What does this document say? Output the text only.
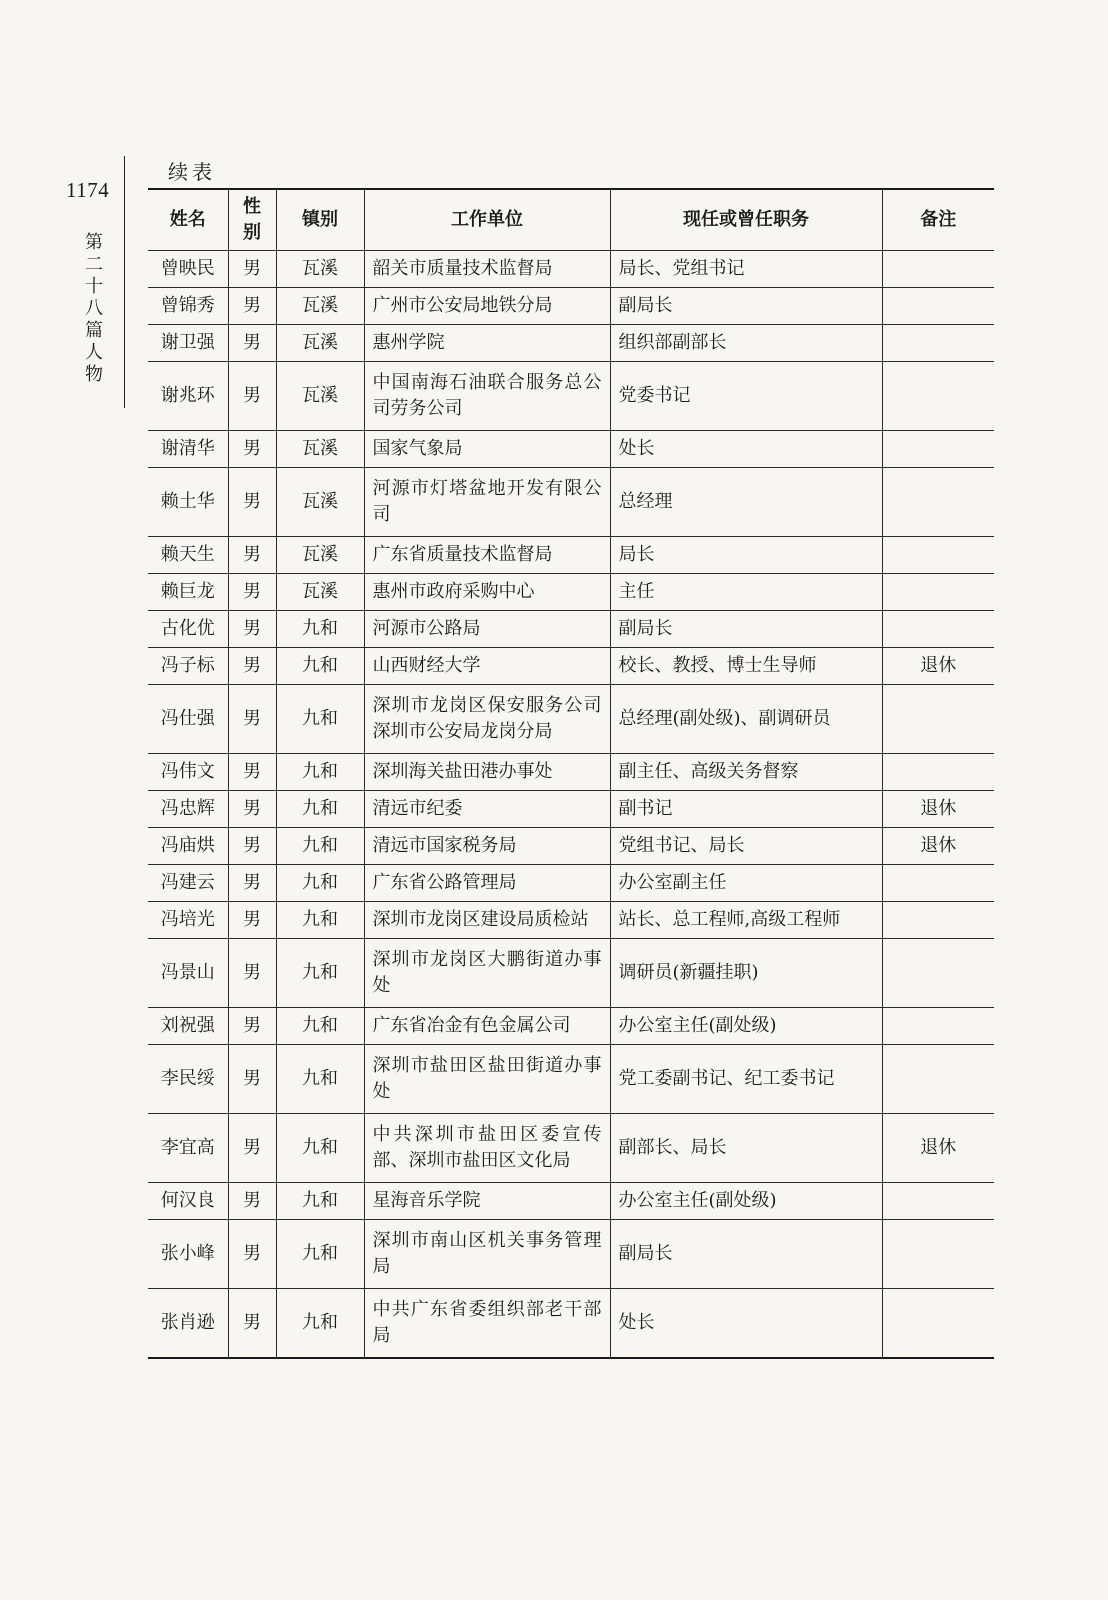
1174
第二十八篇 人物
续表
姓名	性别	镇别	工作单位	现任或曾任职务	备注
曾映民	男	瓦溪	韶关市质量技术监督局	局长、党组书记	
曾锦秀	男	瓦溪	广州市公安局地铁分局	副局长	
谢卫强	男	瓦溪	惠州学院	组织部副部长	
谢兆环	男	瓦溪	中国南海石油联合服务总公司劳务公司	党委书记	
谢清华	男	瓦溪	国家气象局	处长	
赖土华	男	瓦溪	河源市灯塔盆地开发有限公司	总经理	
赖天生	男	瓦溪	广东省质量技术监督局	局长	
赖巨龙	男	瓦溪	惠州市政府采购中心	主任	
古化优	男	九和	河源市公路局	副局长	
冯子标	男	九和	山西财经大学	校长、教授、博士生导师	退休
冯仕强	男	九和	深圳市龙岗区保安服务公司深圳市公安局龙岗分局	总经理(副处级)、副调研员	
冯伟文	男	九和	深圳海关盐田港办事处	副主任、高级关务督察	
冯忠辉	男	九和	清远市纪委	副书记	退休
冯庙烘	男	九和	清远市国家税务局	党组书记、局长	退休
冯建云	男	九和	广东省公路管理局	办公室副主任	
冯培光	男	九和	深圳市龙岗区建设局质检站	站长、总工程师,高级工程师	
冯景山	男	九和	深圳市龙岗区大鹏街道办事处	调研员(新疆挂职)	
刘祝强	男	九和	广东省冶金有色金属公司	办公室主任(副处级)	
李民绥	男	九和	深圳市盐田区盐田街道办事处	党工委副书记、纪工委书记	
李宜高	男	九和	中共深圳市盐田区委宣传部、深圳市盐田区文化局	副部长、局长	退休
何汉良	男	九和	星海音乐学院	办公室主任(副处级)	
张小峰	男	九和	深圳市南山区机关事务管理局	副局长	
张肖逊	男	九和	中共广东省委组织部老干部局	处长	
